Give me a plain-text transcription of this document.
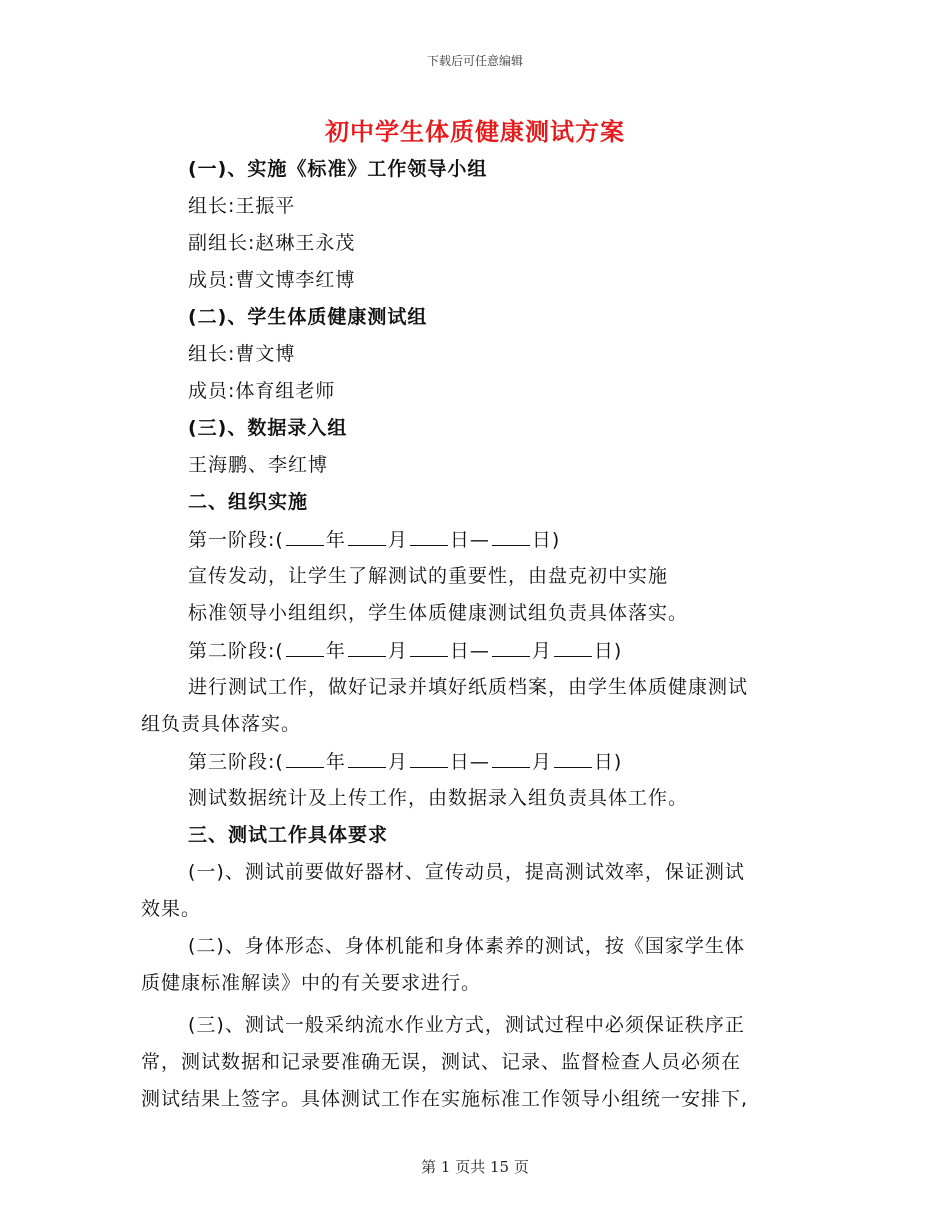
下载后可任意编辑
初中学生体质健康测试方案
(一)、实施《标准》工作领导小组
组长:王振平
副组长:赵琳王永茂
成员:曹文博李红博
(二)、学生体质健康测试组
组长:曹文博
成员:体育组老师
(三)、数据录入组
王海鹏、李红博
二、组织实施
第一阶段:( 年 月 日— 日)
宣传发动，让学生了解测试的重要性，由盘克初中实施
标准领导小组组织，学生体质健康测试组负责具体落实。
第二阶段:( 年 月 日— 月 日)
进行测试工作，做好记录并填好纸质档案，由学生体质健康测试
组负责具体落实。
第三阶段:( 年 月 日— 月 日)
测试数据统计及上传工作，由数据录入组负责具体工作。
三、测试工作具体要求
(一)、测试前要做好器材、宣传动员，提高测试效率，保证测试
效果。
(二)、身体形态、身体机能和身体素养的测试，按《国家学生体
质健康标准解读》中的有关要求进行。
(三)、测试一般采纳流水作业方式，测试过程中必须保证秩序正
常，测试数据和记录要准确无误，测试、记录、监督检查人员必须在
测试结果上签字。具体测试工作在实施标准工作领导小组统一安排下,
第 1 页共 15 页
